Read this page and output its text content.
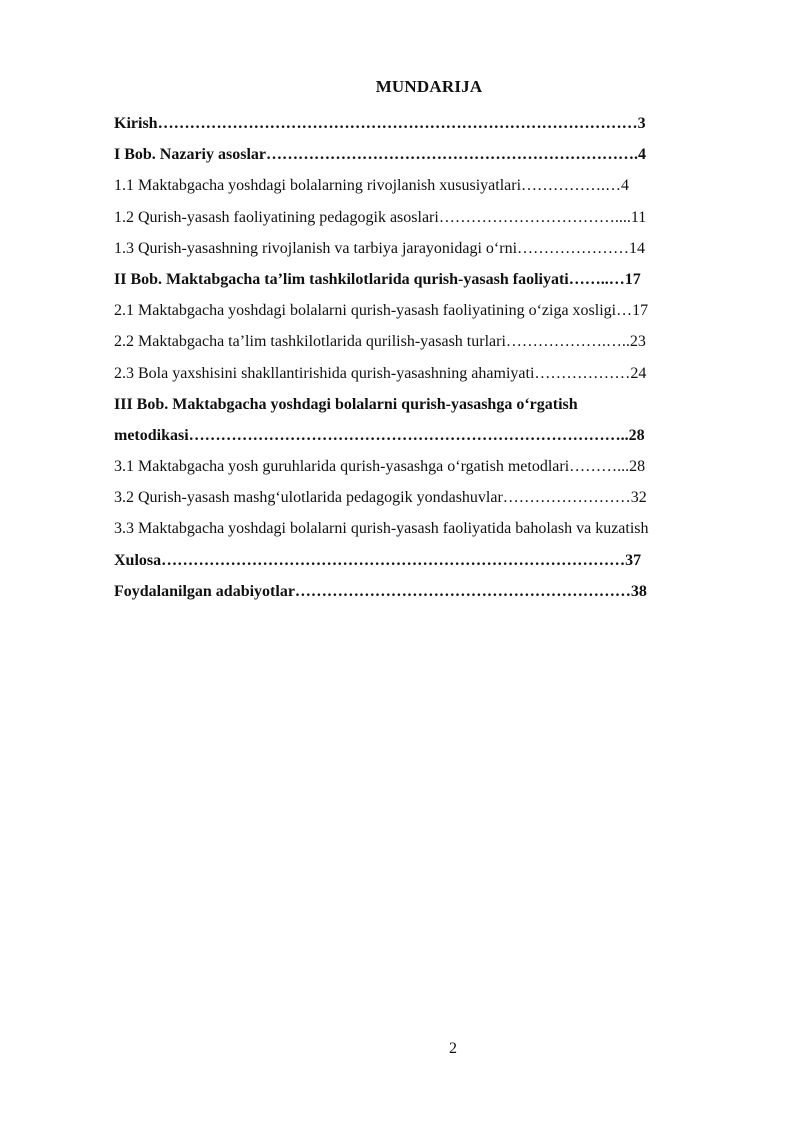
MUNDARIJA
Kirish………………………………………………………………………………3
I Bob. Nazariy asoslar…………………………………………………………….4
1.1 Maktabgacha yoshdagi bolalarning rivojlanish xususiyatlari…………….…4
1.2 Qurish-yasash faoliyatining pedagogik asoslari……………………………....11
1.3 Qurish-yasashning rivojlanish va tarbiya jarayonidagi o‘rni…………………14
II Bob. Maktabgacha ta’lim tashkilotlarida qurish-yasash faoliyati……..…17
2.1 Maktabgacha yoshdagi bolalarni qurish-yasash faoliyatining o‘ziga xosligi…17
2.2 Maktabgacha ta’lim tashkilotlarida qurilish-yasash turlari……………….…..23
2.3 Bola yaxshisini shakllantirishida qurish-yasashning ahamiyati………………24
III Bob. Maktabgacha yoshdagi bolalarni qurish-yasashga o‘rgatish
metodikasi………………………………………………………………………..28
3.1 Maktabgacha yosh guruhlarida qurish-yasashga o‘rgatish metodlari………...28
3.2 Qurish-yasash mashg‘ulotlarida pedagogik yondashuvlar……………………32
3.3 Maktabgacha yoshdagi bolalarni qurish-yasash faoliyatida baholash va kuzatish
Xulosa……………………………………………………………………………37
Foydalanilgan adabiyotlar………………………………………………………38
2
